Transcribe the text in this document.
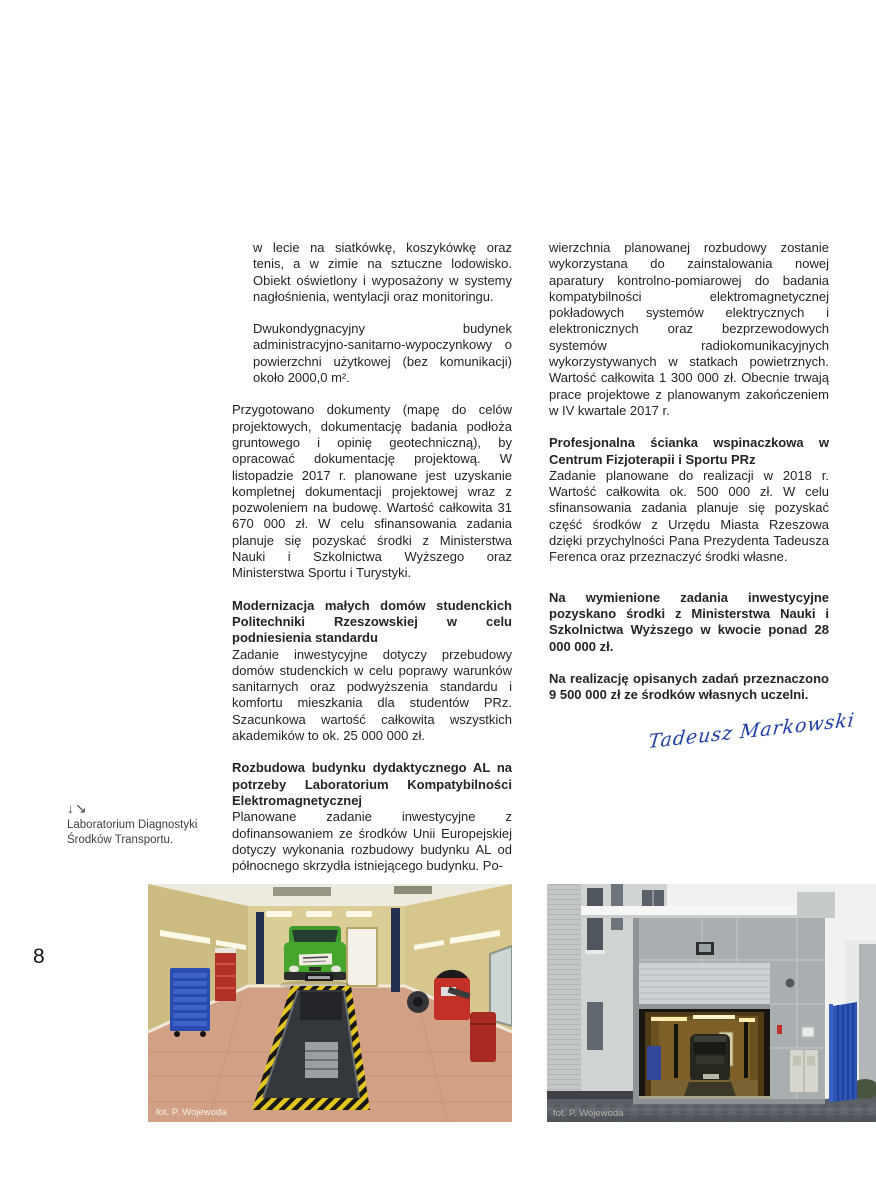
w lecie na siatkówkę, koszykówkę oraz tenis, a w zimie na sztuczne lodowisko. Obiekt oświetlony i wyposażony w systemy nagłośnienia, wentylacji oraz monitoringu.

Dwukondygnacyjny budynek administracyjno-sanitarno-wypoczynkowy o powierzchni użytkowej (bez komunikacji) około 2000,0 m².

Przygotowano dokumenty (mapę do celów projektowych, dokumentację badania podłoża gruntowego i opinię geotechniczną), by opracować dokumentację projektową. W listopadzie 2017 r. planowane jest uzyskanie kompletnej dokumentacji projektowej wraz z pozwoleniem na budowę. Wartość całkowita 31 670 000 zł. W celu sfinansowania zadania planuje się pozyskać środki z Ministerstwa Nauki i Szkolnictwa Wyższego oraz Ministerstwa Sportu i Turystyki.

Modernizacja małych domów studenckich Politechniki Rzeszowskiej w celu podniesienia standardu

Zadanie inwestycyjne dotyczy przebudowy domów studenckich w celu poprawy warunków sanitarnych oraz podwyższenia standardu i komfortu mieszkania dla studentów PRz. Szacunkowa wartość całkowita wszystkich akademików to ok. 25 000 000 zł.

Rozbudowa budynku dydaktycznego AL na potrzeby Laboratorium Kompatybilności Elektromagnetycznej

Planowane zadanie inwestycyjne z dofinansowaniem ze środków Unii Europejskiej dotyczy wykonania rozbudowy budynku AL od północnego skrzydła istniejącego budynku. Po-

wierzchnia planowanej rozbudowy zostanie wykorzystana do zainstalowania nowej aparatury kontrolno-pomiarowej do badania kompatybilności elektromagnetycznej pokładowych systemów elektrycznych i elektronicznych oraz bezprzewodowych systemów radiokomunikacyjnych wykorzystywanych w statkach powietrznych. Wartość całkowita 1 300 000 zł. Obecnie trwają prace projektowe z planowanym zakończeniem w IV kwartale 2017 r.

Profesjonalna ścianka wspinaczkowa w Centrum Fizjoterapii i Sportu PRz

Zadanie planowane do realizacji w 2018 r. Wartość całkowita ok. 500 000 zł. W celu sfinansowania zadania planuje się pozyskać część środków z Urzędu Miasta Rzeszowa dzięki przychylności Pana Prezydenta Tadeusza Ferenca oraz przeznaczyć środki własne.

Na wymienione zadania inwestycyjne pozyskano środki z Ministerstwa Nauki i Szkolnictwa Wyższego w kwocie ponad 28 000 000 zł.

Na realizację opisanych zadań przeznaczono 9 500 000 zł ze środków własnych uczelni.

Tadeusz Markowski
↓↘
Laboratorium Diagnostyki
Środków Transportu.
8
fot. P. Wojewoda	fot. P. Wojewoda
